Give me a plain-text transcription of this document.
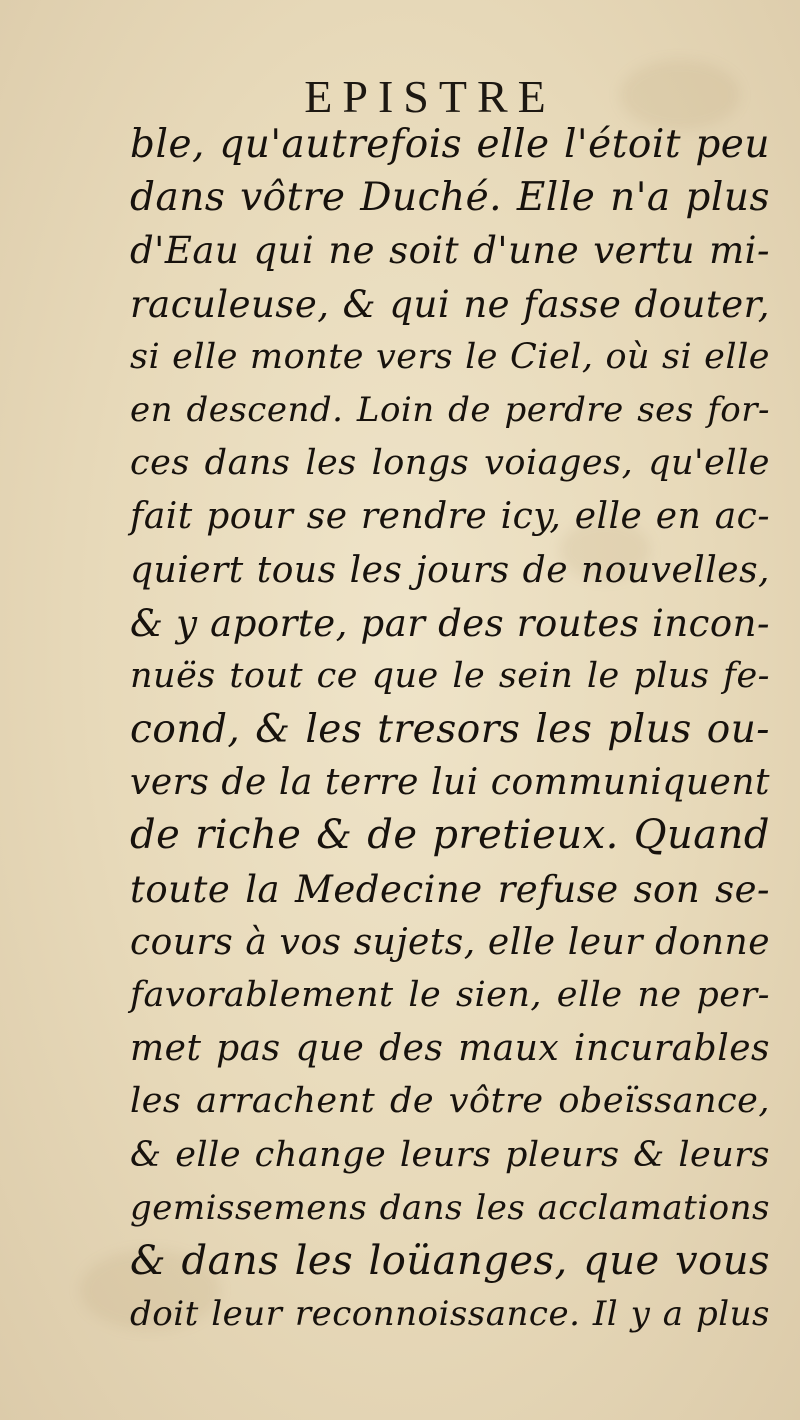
EPISTRE
ble, qu'autrefois elle l'étoit peu
dans vôtre Duché. Elle n'a plus
d'Eau qui ne soit d'une vertu mi-
raculeuse, & qui ne fasse douter,
si elle monte vers le Ciel, où si elle
en descend. Loin de perdre ses for-
ces dans les longs voiages, qu'elle
fait pour se rendre icy, elle en ac-
quiert tous les jours de nouvelles,
& y aporte, par des routes incon-
nuës tout ce que le sein le plus fe-
cond, & les tresors les plus ou-
vers de la terre lui communiquent
de riche & de pretieux. Quand
toute la Medecine refuse son se-
cours à vos sujets, elle leur donne
favorablement le sien, elle ne per-
met pas que des maux incurables
les arrachent de vôtre obeïssance,
& elle change leurs pleurs & leurs
gemissemens dans les acclamations
& dans les loüanges, que vous
doit leur reconnoissance. Il y a plus
